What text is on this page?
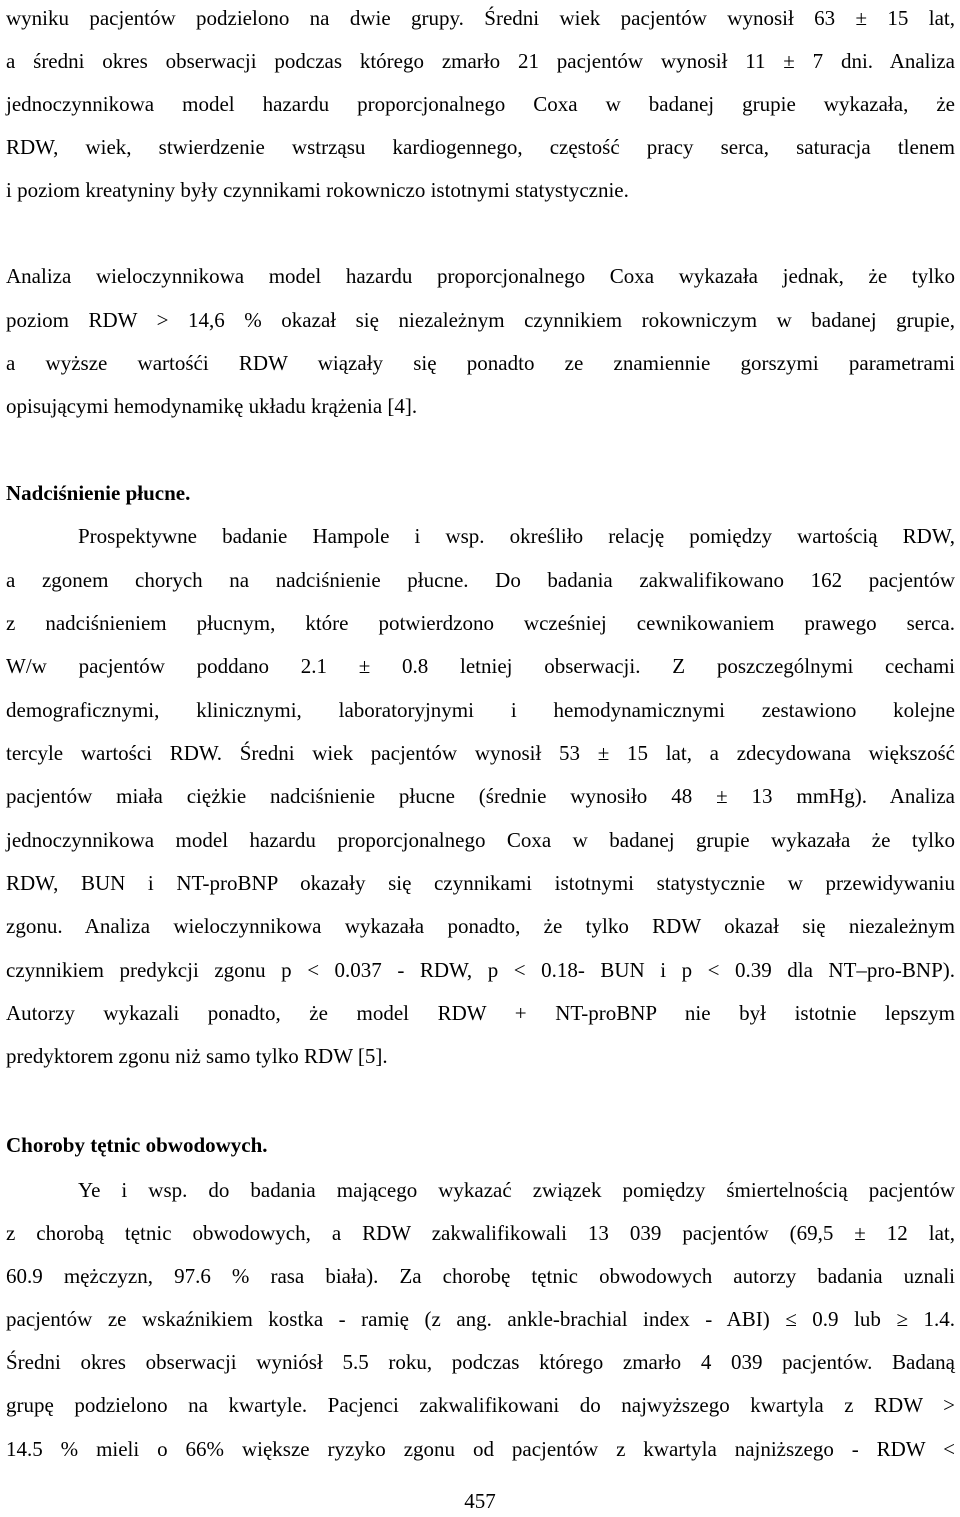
wyniku pacjentów podzielono na dwie grupy. Średni wiek pacjentów wynosił 63 ± 15 lat,
a średni okres obserwacji podczas którego zmarło 21 pacjentów wynosił 11 ± 7 dni. Analiza
jednoczynnikowa model hazardu proporcjonalnego Coxa w badanej grupie wykazała, że
RDW, wiek, stwierdzenie wstrząsu kardiogennego, częstość pracy serca, saturacja tlenem
i poziom kreatyniny były czynnikami rokowniczo istotnymi statystycznie.
Analiza wieloczynnikowa model hazardu proporcjonalnego Coxa wykazała jednak, że tylko
poziom RDW > 14,6 % okazał się niezależnym czynnikiem rokowniczym w badanej grupie,
a wyższe wartośći RDW wiązały się ponadto ze znamiennie gorszymi parametrami
opisującymi hemodynamikę układu krążenia [4].
Nadciśnienie płucne.
Prospektywne badanie Hampole i wsp. określiło relację pomiędzy wartością RDW,
a zgonem chorych na nadciśnienie płucne. Do badania zakwalifikowano 162 pacjentów
z nadciśnieniem płucnym, które potwierdzono wcześniej cewnikowaniem prawego serca.
W/w pacjentów poddano 2.1 ± 0.8 letniej obserwacji. Z poszczególnymi cechami
demograficznymi, klinicznymi, laboratoryjnymi i hemodynamicznymi zestawiono kolejne
tercyle wartości RDW. Średni wiek pacjentów wynosił 53 ± 15 lat, a zdecydowana większość
pacjentów miała ciężkie nadciśnienie płucne (średnie wynosiło 48 ± 13 mmHg). Analiza
jednoczynnikowa model hazardu proporcjonalnego Coxa w badanej grupie wykazała że tylko
RDW, BUN i NT-proBNP okazały się czynnikami istotnymi statystycznie w przewidywaniu
zgonu. Analiza wieloczynnikowa wykazała ponadto, że tylko RDW okazał się niezależnym
czynnikiem predykcji zgonu p < 0.037 - RDW, p < 0.18- BUN i p < 0.39 dla NT–pro-BNP).
Autorzy wykazali ponadto, że model RDW + NT-proBNP nie był istotnie lepszym
predyktorem zgonu niż samo tylko RDW [5].
Choroby tętnic obwodowych.
Ye i wsp. do badania mającego wykazać związek pomiędzy śmiertelnością pacjentów
z chorobą tętnic obwodowych, a RDW zakwalifikowali 13 039 pacjentów (69,5 ± 12 lat,
60.9 mężczyzn, 97.6 % rasa biała). Za chorobę tętnic obwodowych autorzy badania uznali
pacjentów ze wskaźnikiem kostka - ramię (z ang. ankle-brachial index - ABI) ≤ 0.9 lub ≥ 1.4.
Średni okres obserwacji wyniósł 5.5 roku, podczas którego zmarło 4 039 pacjentów. Badaną
grupę podzielono na kwartyle. Pacjenci zakwalifikowani do najwyższego kwartyla z RDW >
14.5 % mieli o 66% większe ryzyko zgonu od pacjentów z kwartyla najniższego - RDW <
457
